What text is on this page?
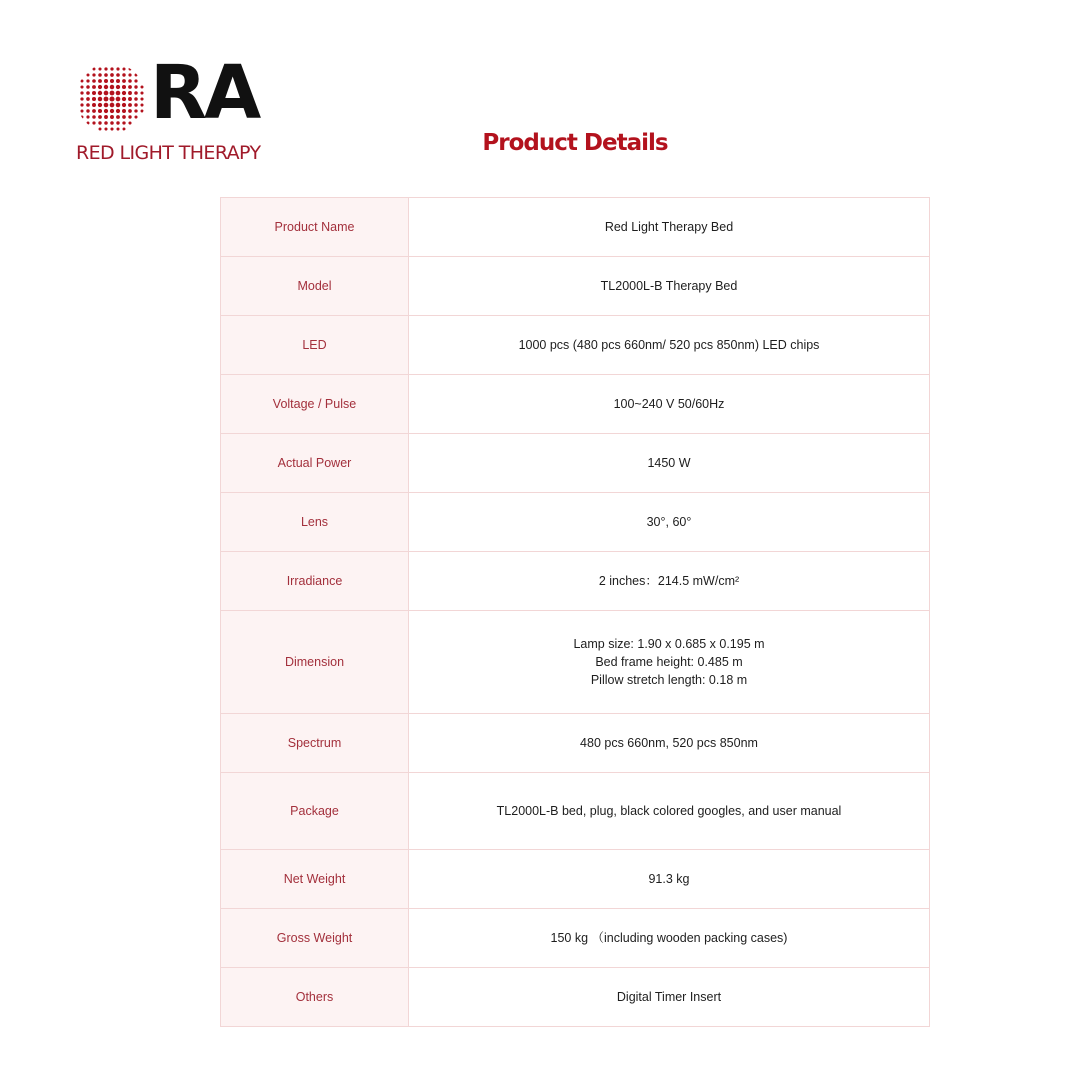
RA
RED LIGHT THERAPY	Product Details
Product Name	Red Light Therapy Bed

Model	TL2000L-B Therapy Bed

LED	1000 pcs (480 pcs 660nm/ 520 pcs 850nm) LED chips

Voltage / Pulse	100~240 V 50/60Hz

Actual Power	1450 W

Lens	30°, 60°

Irradiance	2 inches：214.5 mW/cm²

Dimension	Lamp size: 1.90 x 0.685 x 0.195 m
Bed frame height: 0.485 m
Pillow stretch length: 0.18 m

Spectrum	480 pcs 660nm, 520 pcs 850nm

Package	TL2000L-B bed, plug, black colored googles, and user manual

Net Weight	91.3 kg

Gross Weight	150 kg （including wooden packing cases)

Others	Digital Timer Insert
